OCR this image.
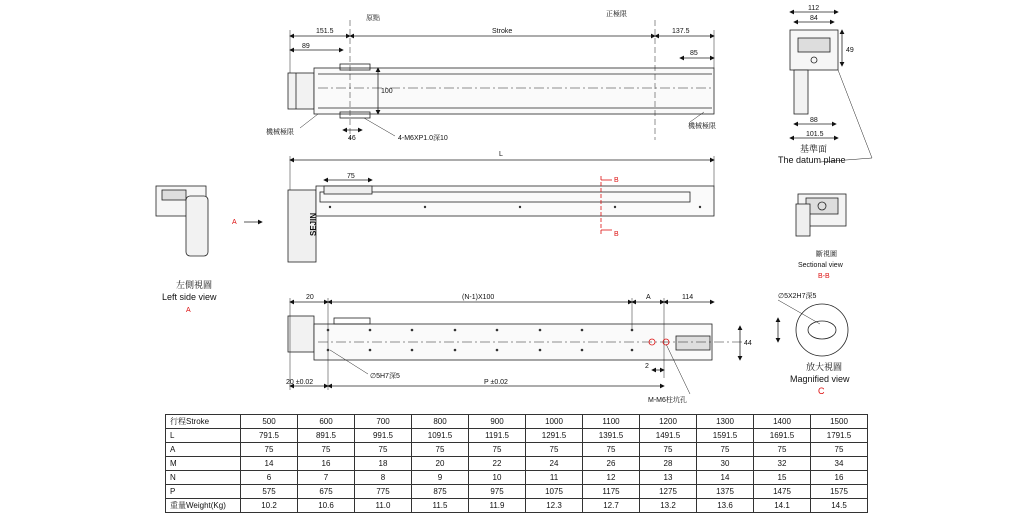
151.5
原點
Stroke
正極限
137.5
89
85
100
46
機械極限
機械極限
4-M6XP1.0深10
112
84
49
88
101.5
基準面
The datum plane
SEJIN
L
75
B
B
A
左側視圖
Left side view
A
斷視圖
Sectional view
B-B
20	(N-1)X100	A	114
44
2
∅5H7深5
20 ±0.02	P ±0.02
M-M6柱坑孔
∅5X2H7深5
放大視圖
Magnified view
C
行程Stroke	500	600	700	800	900	1000	1100	1200	1300	1400	1500
L	791.5	891.5	991.5	1091.5	1191.5	1291.5	1391.5	1491.5	1591.5	1691.5	1791.5
A	75	75	75	75	75	75	75	75	75	75	75
M	14	16	18	20	22	24	26	28	30	32	34
N	6	7	8	9	10	11	12	13	14	15	16
P	575	675	775	875	975	1075	1175	1275	1375	1475	1575
重量Weight(Kg)	10.2	10.6	11.0	11.5	11.9	12.3	12.7	13.2	13.6	14.1	14.5
